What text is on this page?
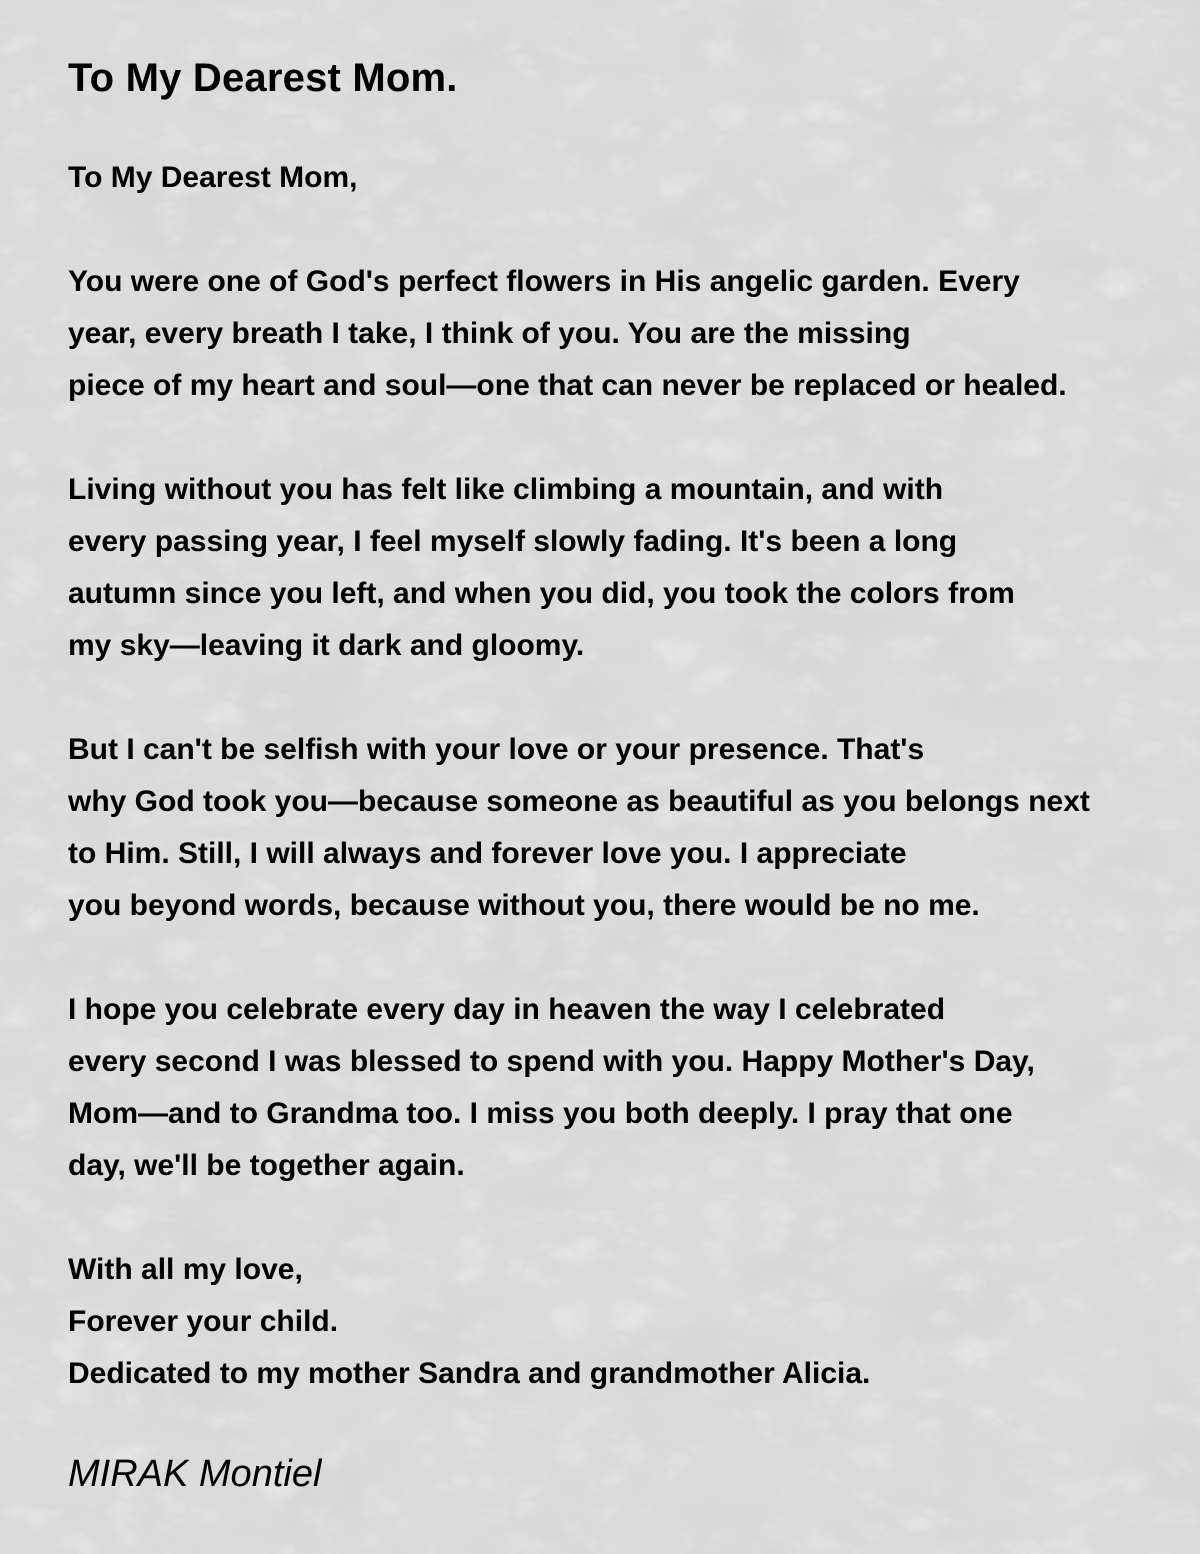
To My Dearest Mom.
To My Dearest Mom,
You were one of God's perfect flowers in His angelic garden. Every
year, every breath I take, I think of you. You are the missing
piece of my heart and soul—one that can never be replaced or healed.
Living without you has felt like climbing a mountain, and with
every passing year, I feel myself slowly fading. It's been a long
autumn since you left, and when you did, you took the colors from
my sky—leaving it dark and gloomy.
But I can't be selfish with your love or your presence. That's
why God took you—because someone as beautiful as you belongs next
to Him. Still, I will always and forever love you. I appreciate
you beyond words, because without you, there would be no me.
I hope you celebrate every day in heaven the way I celebrated
every second I was blessed to spend with you. Happy Mother's Day,
Mom—and to Grandma too. I miss you both deeply. I pray that one
day, we'll be together again.
With all my love,
Forever your child.
Dedicated to my mother Sandra and grandmother Alicia.
MIRAK Montiel
